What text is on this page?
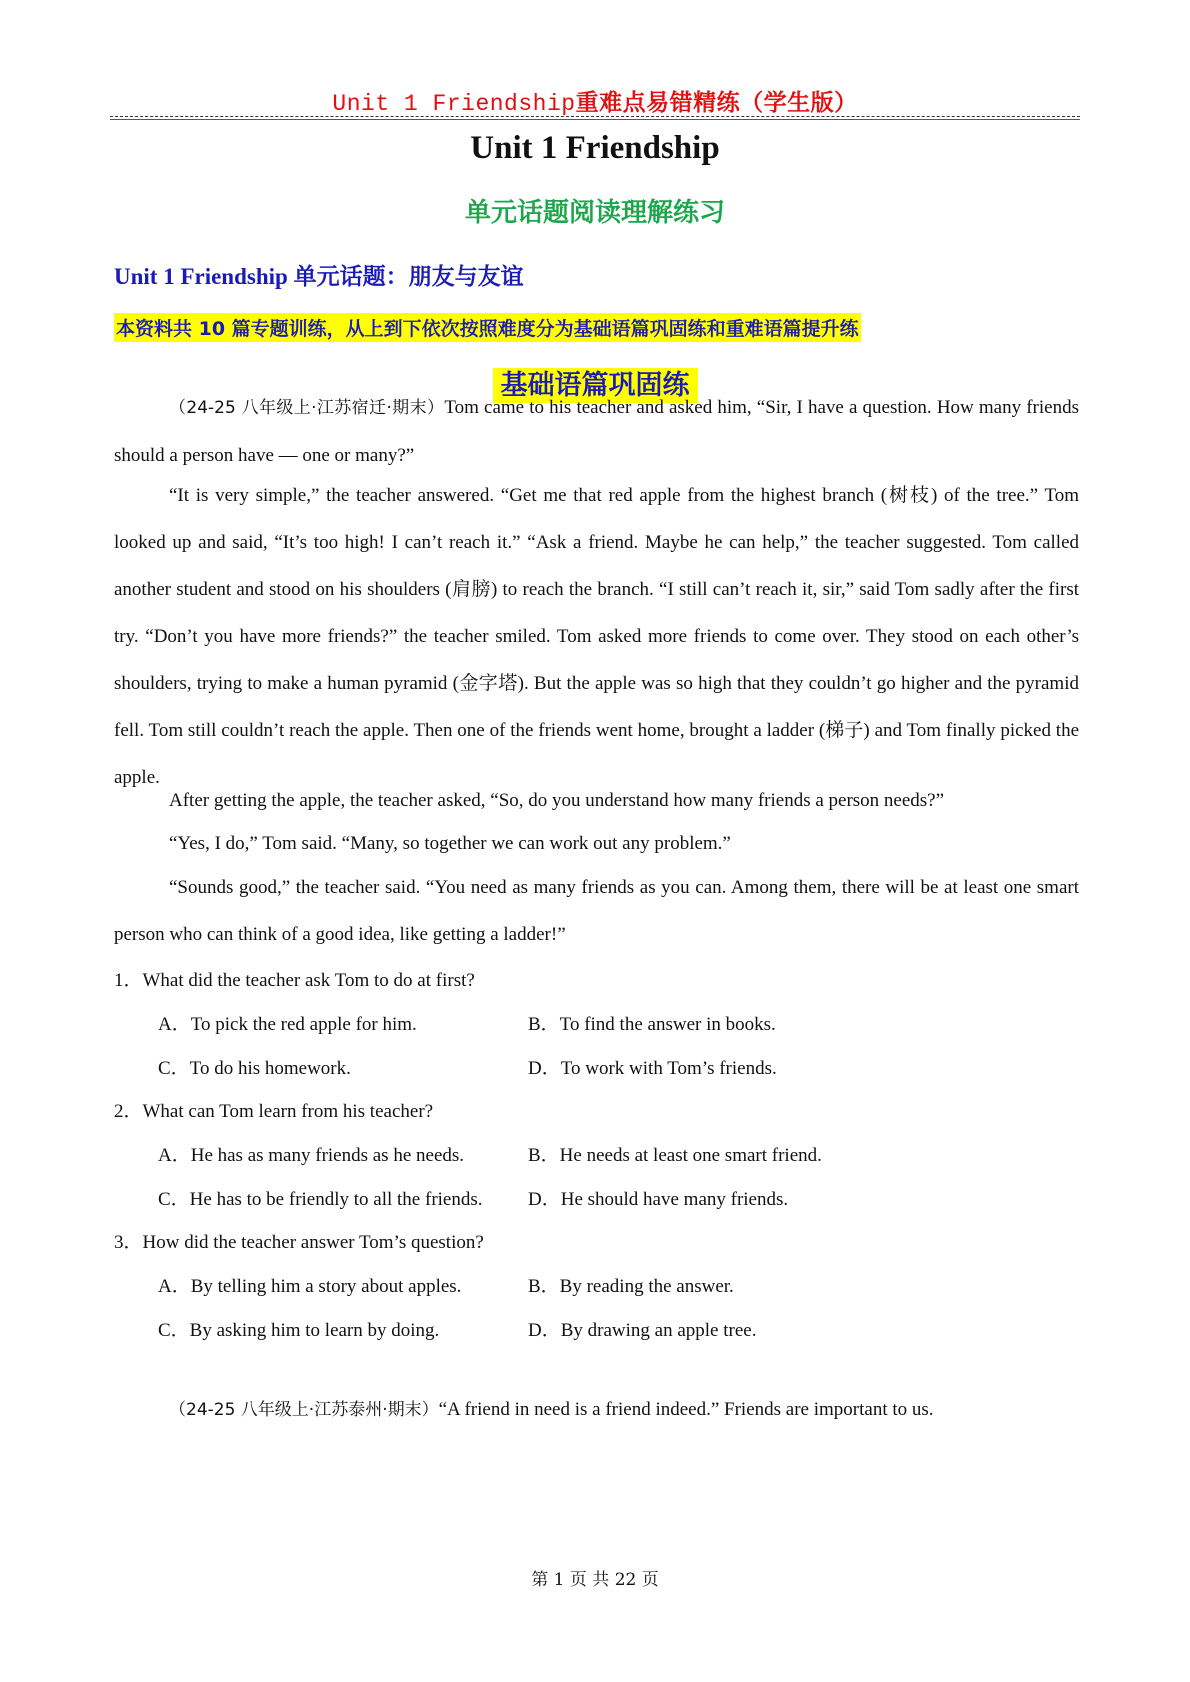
Unit 1 Friendship重难点易错精练（学生版）
Unit 1 Friendship
单元话题阅读理解练习
Unit 1 Friendship 单元话题：朋友与友谊
本资料共 10 篇专题训练，从上到下依次按照难度分为基础语篇巩固练和重难语篇提升练
基础语篇巩固练
（24-25 八年级上·江苏宿迁·期末）Tom came to his teacher and asked him, “Sir, I have a question. How many friends should a person have — one or many?”
“It is very simple,” the teacher answered. “Get me that red apple from the highest branch (树枝) of the tree.” Tom looked up and said, “It’s too high! I can’t reach it.” “Ask a friend. Maybe he can help,” the teacher suggested. Tom called another student and stood on his shoulders (肩膀) to reach the branch. “I still can’t reach it, sir,” said Tom sadly after the first try. “Don’t you have more friends?” the teacher smiled. Tom asked more friends to come over. They stood on each other’s shoulders, trying to make a human pyramid (金字塔). But the apple was so high that they couldn’t go higher and the pyramid fell. Tom still couldn’t reach the apple. Then one of the friends went home, brought a ladder (梯子) and Tom finally picked the apple.
After getting the apple, the teacher asked, “So, do you understand how many friends a person needs?”
“Yes, I do,” Tom said. “Many, so together we can work out any problem.”
“Sounds good,” the teacher said. “You need as many friends as you can. Among them, there will be at least one smart person who can think of a good idea, like getting a ladder!”
1．What did the teacher ask Tom to do at first?
A．To pick the red apple for him.	B．To find the answer in books.
C．To do his homework.	D．To work with Tom’s friends.
2．What can Tom learn from his teacher?
A．He has as many friends as he needs.	B．He needs at least one smart friend.
C．He has to be friendly to all the friends. D．He should have many friends.
3．How did the teacher answer Tom’s question?
A．By telling him a story about apples.	B．By reading the answer.
C．By asking him to learn by doing.	D．By drawing an apple tree.
（24-25 八年级上·江苏泰州·期末）“A friend in need is a friend indeed.” Friends are important to us.
第 1 页 共 22 页
